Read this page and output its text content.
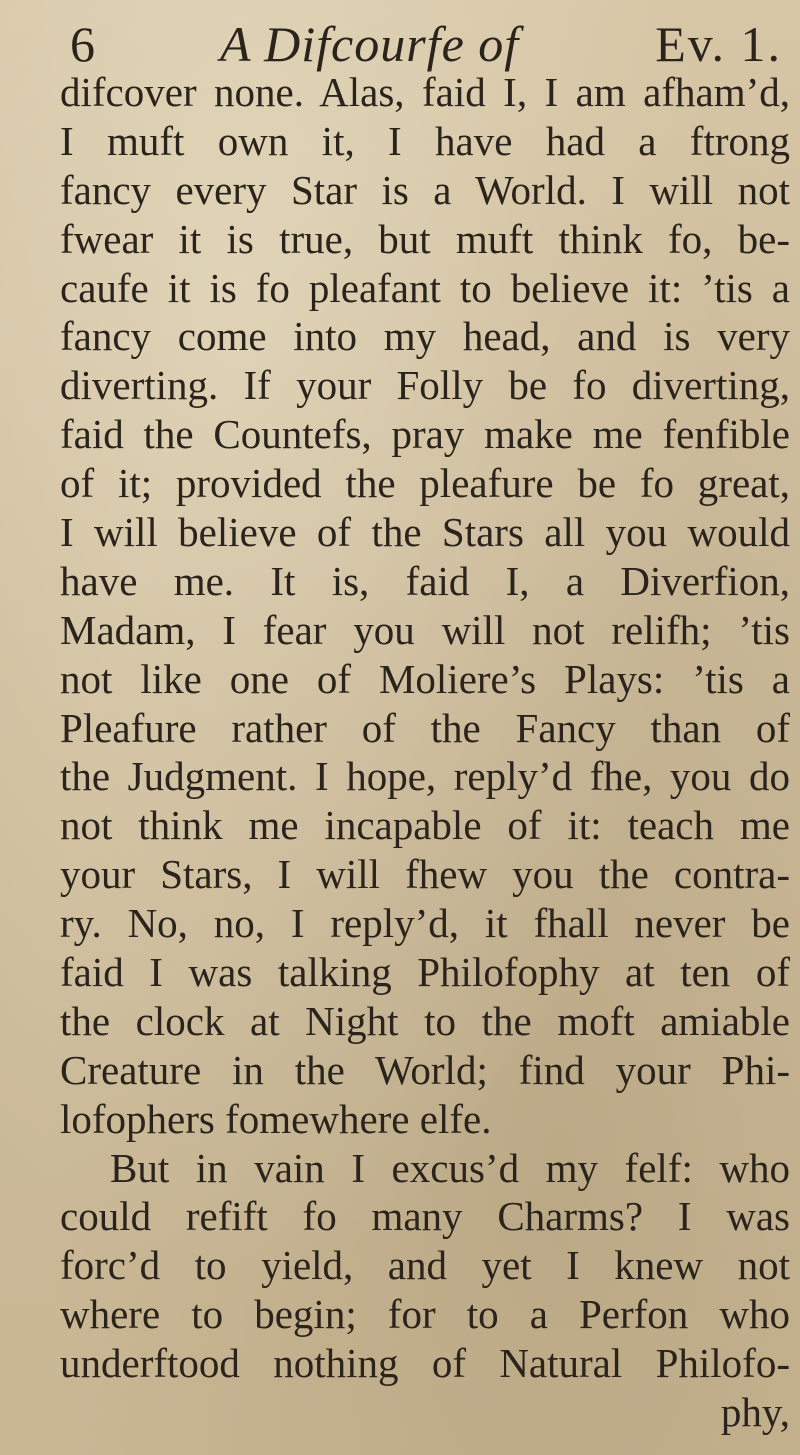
6	A Difcourfe of	Ev. 1.
difcover none. Alas, faid I, I am afham’d,
I muft own it, I have had a ftrong
fancy every Star is a World. I will not
fwear it is true, but muft think fo, be-
caufe it is fo pleafant to believe it: ’tis a
fancy come into my head, and is very
diverting. If your Folly be fo diverting,
faid the Countefs, pray make me fenfible
of it; provided the pleafure be fo great,
I will believe of the Stars all you would
have me. It is, faid I, a Diverfion,
Madam, I fear you will not relifh; ’tis
not like one of Moliere’s Plays: ’tis a
Pleafure rather of the Fancy than of
the Judgment. I hope, reply’d fhe, you do
not think me incapable of it: teach me
your Stars, I will fhew you the contra-
ry. No, no, I reply’d, it fhall never be
faid I was talking Philofophy at ten of
the clock at Night to the moft amiable
Creature in the World; find your Phi-
lofophers fomewhere elfe.
But in vain I excus’d my felf: who
could refift fo many Charms? I was
forc’d to yield, and yet I knew not
where to begin; for to a Perfon who
underftood nothing of Natural Philofo-
phy,
